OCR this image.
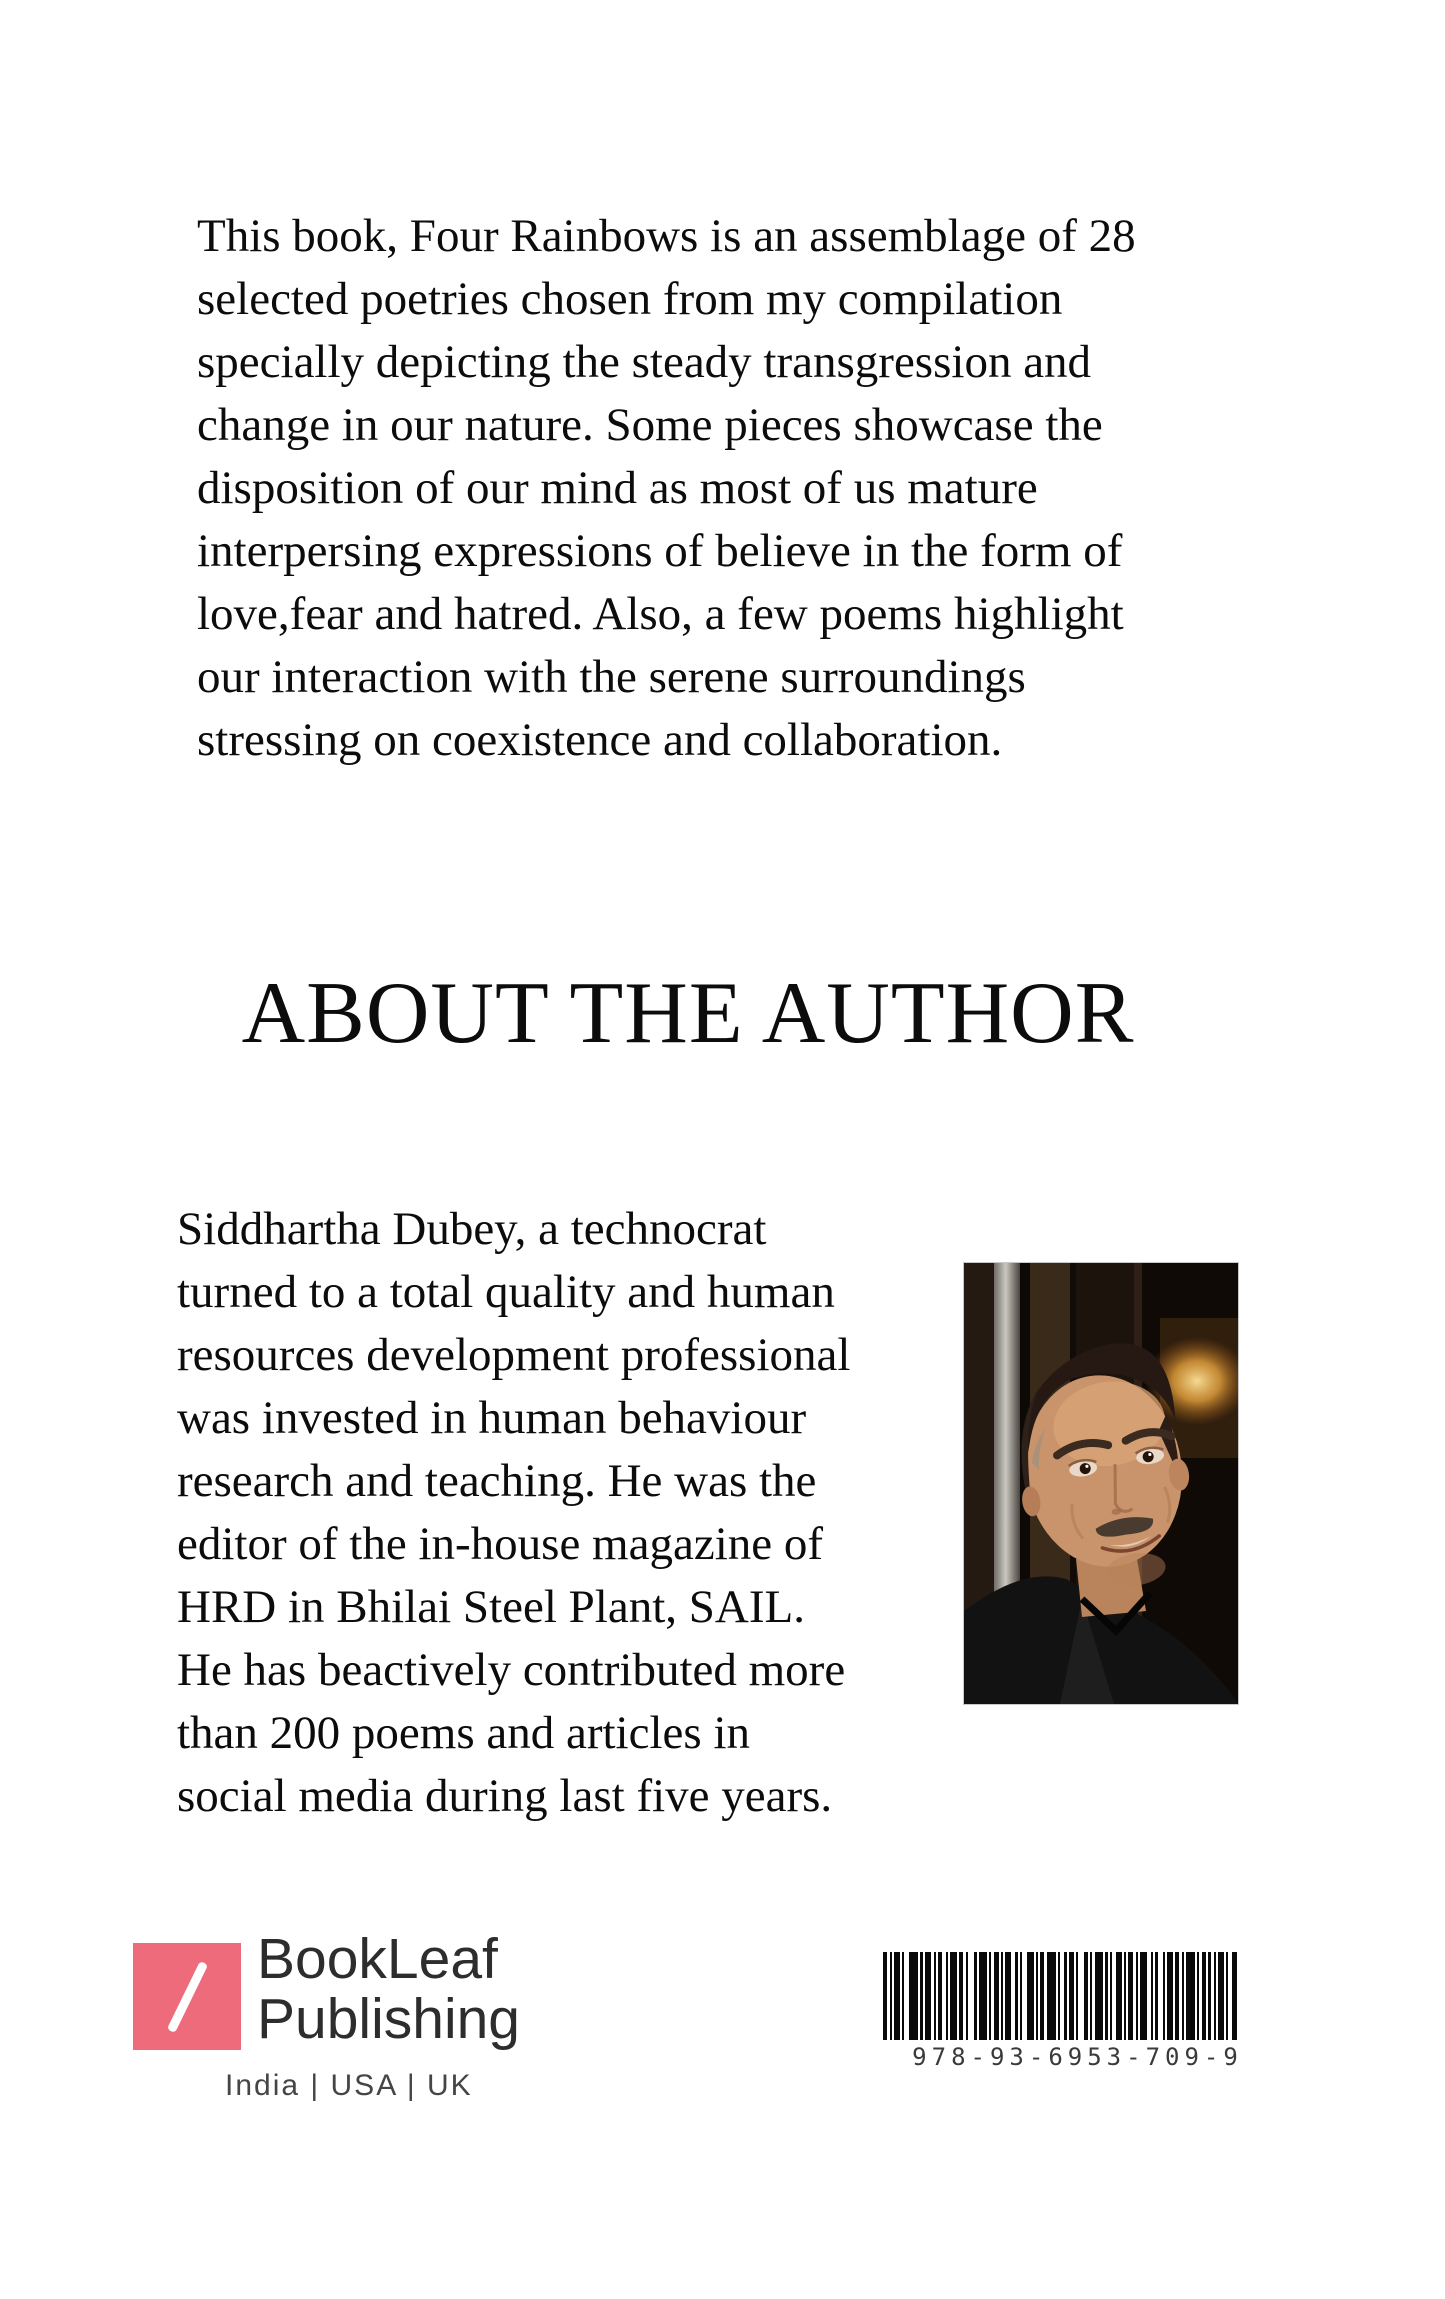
This book, Four Rainbows is an assemblage of 28
selected poetries chosen from my compilation
specially depicting the steady transgression and
change in our nature. Some pieces showcase the
disposition of our mind as most of us mature
interpersing expressions of believe in the form of
love,fear and hatred. Also, a few poems highlight
our interaction with the serene surroundings
stressing on coexistence and collaboration.
ABOUT THE AUTHOR
Siddhartha Dubey, a technocrat
turned to a total quality and human
resources development professional
was invested in human behaviour
research and teaching. He was the
editor of the in-house magazine of
HRD in Bhilai Steel Plant, SAIL.
He has beactively contributed more
than 200 poems and articles in
social media during last five years.
BookLeaf
Publishing
India | USA | UK
978-93-6953-709-9
